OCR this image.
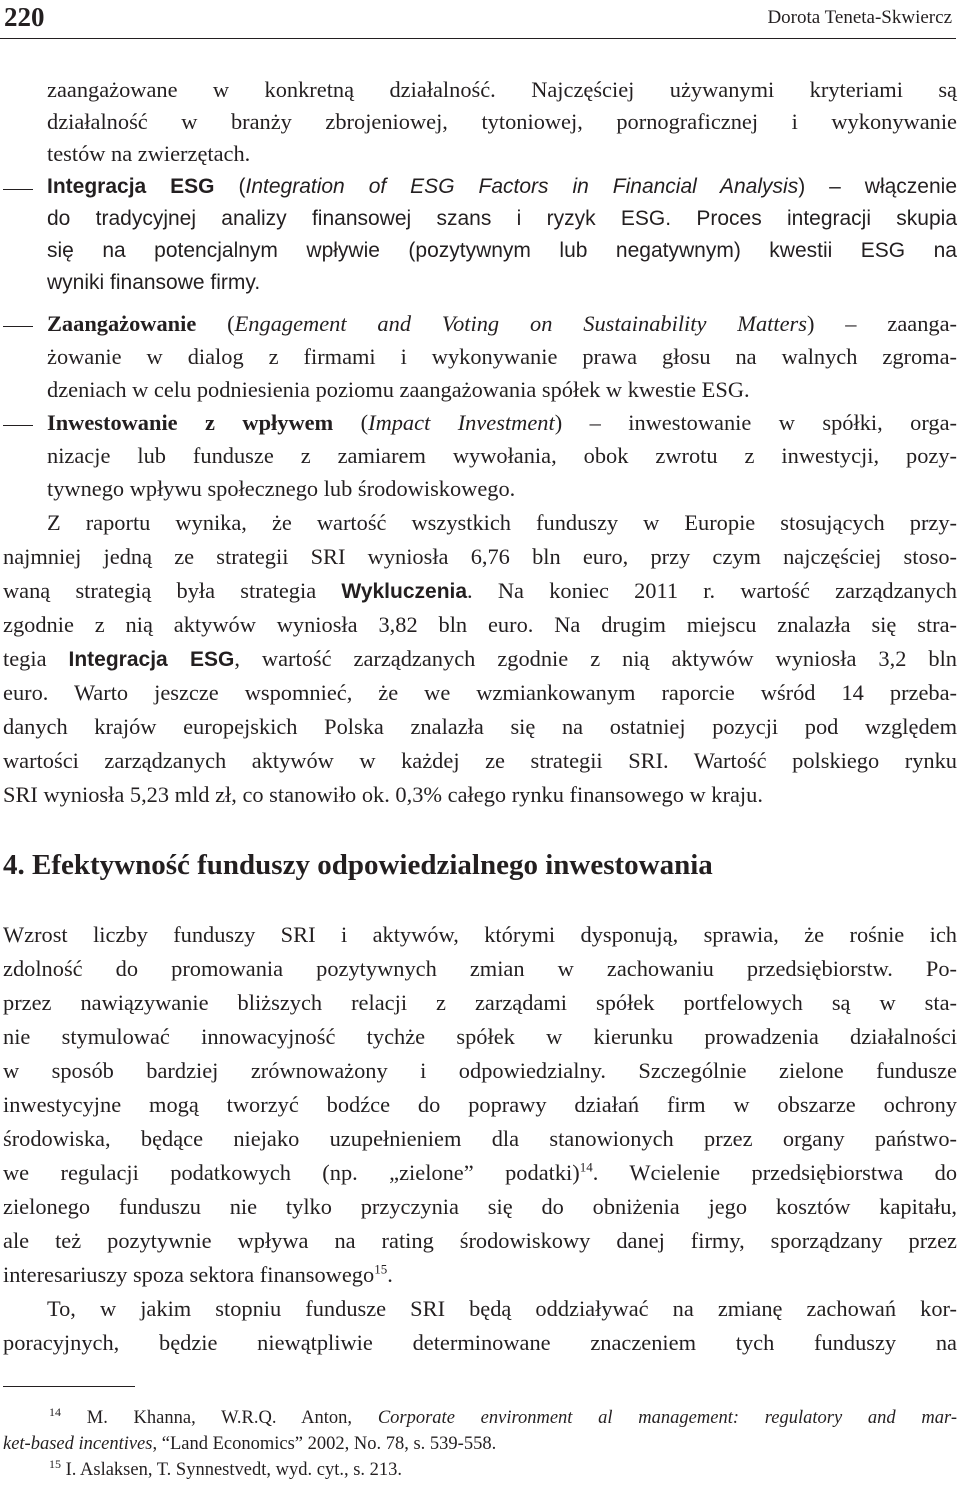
220	Dorota Teneta-Skwiercz
zaangażowane w konkretną działalność. Najczęściej używanymi kryteriami są
działalność w branży zbrojeniowej, tytoniowej, pornograficznej i wykonywanie
testów na zwierzętach.
Integracja ESG (Integration of ESG Factors in Financial Analysis) – włączenie
do tradycyjnej analizy finansowej szans i ryzyk ESG. Proces integracji skupia
się na potencjalnym wpływie (pozytywnym lub negatywnym) kwestii ESG na
wyniki finansowe firmy.
Zaangażowanie (Engagement and Voting on Sustainability Matters) – zaanga-
żowanie w dialog z firmami i wykonywanie prawa głosu na walnych zgroma-
dzeniach w celu podniesienia poziomu zaangażowania spółek w kwestie ESG.
Inwestowanie z wpływem (Impact Investment) – inwestowanie w spółki, orga-
nizacje lub fundusze z zamiarem wywołania, obok zwrotu z inwestycji, pozy-
tywnego wpływu społecznego lub środowiskowego.
Z raportu wynika, że wartość wszystkich funduszy w Europie stosujących przy-
najmniej jedną ze strategii SRI wyniosła 6,76 bln euro, przy czym najczęściej stoso-
waną strategią była strategia Wykluczenia. Na koniec 2011 r. wartość zarządzanych
zgodnie z nią aktywów wyniosła 3,82 bln euro. Na drugim miejscu znalazła się stra-
tegia Integracja ESG, wartość zarządzanych zgodnie z nią aktywów wyniosła 3,2 bln
euro. Warto jeszcze wspomnieć, że we wzmiankowanym raporcie wśród 14 przeba-
danych krajów europejskich Polska znalazła się na ostatniej pozycji pod względem
wartości zarządzanych aktywów w każdej ze strategii SRI. Wartość polskiego rynku
SRI wyniosła 5,23 mld zł, co stanowiło ok. 0,3% całego rynku finansowego w kraju.
4. Efektywność funduszy odpowiedzialnego inwestowania
Wzrost liczby funduszy SRI i aktywów, którymi dysponują, sprawia, że rośnie ich
zdolność do promowania pozytywnych zmian w zachowaniu przedsiębiorstw. Po-
przez nawiązywanie bliższych relacji z zarządami spółek portfelowych są w sta-
nie stymulować innowacyjność tychże spółek w kierunku prowadzenia działalności
w sposób bardziej zrównoważony i odpowiedzialny. Szczególnie zielone fundusze
inwestycyjne mogą tworzyć bodźce do poprawy działań firm w obszarze ochrony
środowiska, będące niejako uzupełnieniem dla stanowionych przez organy państwo-
we regulacji podatkowych (np. „zielone” podatki)$^{14}$. Wcielenie przedsiębiorstwa do
zielonego funduszu nie tylko przyczynia się do obniżenia jego kosztów kapitału,
ale też pozytywnie wpływa na rating środowiskowy danej firmy, sporządzany przez
interesariuszy spoza sektora finansowego$^{15}$.
To, w jakim stopniu fundusze SRI będą oddziaływać na zmianę zachowań kor-
poracyjnych, będzie niewątpliwie determinowane znaczeniem tych funduszy na
$^{14}$ M. Khanna, W.R.Q. Anton, Corporate environment al management: regulatory and mar-
ket-based incentives, “Land Economics” 2002, No. 78, s. 539-558.
$^{15}$ I. Aslaksen, T. Synnestvedt, wyd. cyt., s. 213.
